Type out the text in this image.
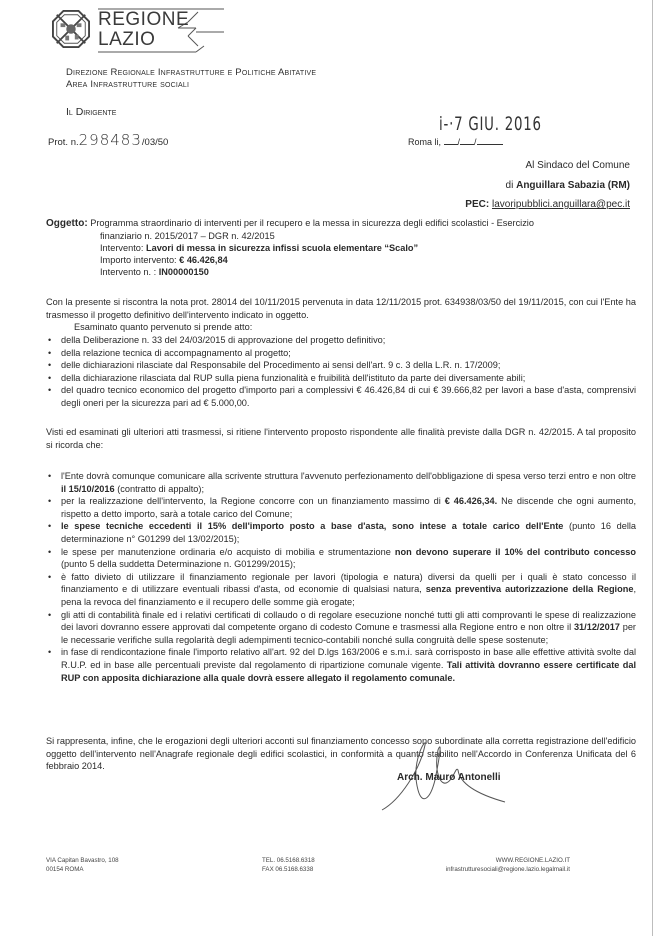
REGIONE
LAZIO
Direzione Regionale Infrastrutture e Politiche Abitative
Area Infrastrutture sociali
Il Dirigente
Prot. n.298483/03/50
i-·7 GIU. 2016
Roma li, / /
Al Sindaco del Comune
di Anguillara Sabazia (RM)
PEC: lavoripubblici.anguillara@pec.it
Oggetto: Programma straordinario di interventi per il recupero e la messa in sicurezza degli edifici scolastici - Esercizio
finanziario n. 2015/2017 – DGR n. 42/2015
Intervento: Lavori di messa in sicurezza infissi scuola elementare “Scalo”
Importo intervento: € 46.426,84
Intervento n. : IN00000150
Con la presente si riscontra la nota prot. 28014 del 10/11/2015 pervenuta in data 12/11/2015 prot. 634938/03/50 del 19/11/2015, con cui l'Ente ha trasmesso il progetto definitivo dell'intervento indicato in oggetto.
Esaminato quanto pervenuto si prende atto:
• della Deliberazione n. 33 del 24/03/2015 di approvazione del progetto definitivo;
• della relazione tecnica di accompagnamento al progetto;
• delle dichiarazioni rilasciate dal Responsabile del Procedimento ai sensi dell'art. 9 c. 3 della L.R. n. 17/2009;
• della dichiarazione rilasciata dal RUP sulla piena funzionalità e fruibilità dell'istituto da parte dei diversamente abili;
• del quadro tecnico economico del progetto d'importo pari a complessivi € 46.426,84 di cui € 39.666,82 per lavori a base d'asta, comprensivi degli oneri per la sicurezza pari ad € 5.000,00.
Visti ed esaminati gli ulteriori atti trasmessi, si ritiene l'intervento proposto rispondente alle finalità previste dalla DGR n. 42/2015. A tal proposito si ricorda che:
• l'Ente dovrà comunque comunicare alla scrivente struttura l'avvenuto perfezionamento dell'obbligazione di spesa verso terzi entro e non oltre il 15/10/2016 (contratto di appalto);
• per la realizzazione dell'intervento, la Regione concorre con un finanziamento massimo di € 46.426,34. Ne discende che ogni aumento, rispetto a detto importo, sarà a totale carico del Comune;
• le spese tecniche eccedenti il 15% dell'importo posto a base d'asta, sono intese a totale carico dell'Ente (punto 16 della determinazione n° G01299 del 13/02/2015);
• le spese per manutenzione ordinaria e/o acquisto di mobilia e strumentazione non devono superare il 10% del contributo concesso (punto 5 della suddetta Determinazione n. G01299/2015);
• è fatto divieto di utilizzare il finanziamento regionale per lavori (tipologia e natura) diversi da quelli per i quali è stato concesso il finanziamento e di utilizzare eventuali ribassi d'asta, od economie di qualsiasi natura, senza preventiva autorizzazione della Regione, pena la revoca del finanziamento e il recupero delle somme già erogate;
• gli atti di contabilità finale ed i relativi certificati di collaudo o di regolare esecuzione nonché tutti gli atti comprovanti le spese di realizzazione dei lavori dovranno essere approvati dal competente organo di codesto Comune e trasmessi alla Regione entro e non oltre il 31/12/2017 per le necessarie verifiche sulla regolarità degli adempimenti tecnico-contabili nonché sulla congruità delle spese sostenute;
• in fase di rendicontazione finale l'importo relativo all'art. 92 del D.lgs 163/2006 e s.m.i. sarà corrisposto in base alle effettive attività svolte dal R.U.P. ed in base alle percentuali previste dal regolamento di ripartizione comunale vigente. Tali attività dovranno essere certificate dal RUP con apposita dichiarazione alla quale dovrà essere allegato il regolamento comunale.
Si rappresenta, infine, che le erogazioni degli ulteriori acconti sul finanziamento concesso sono subordinate alla corretta registrazione dell'edificio oggetto dell'intervento nell'Anagrafe regionale degli edifici scolastici, in conformità a quanto stabilito nell'Accordo in Conferenza Unificata del 6 febbraio 2014.
Arch. Mauro Antonelli
VIA Capitan Bavastro, 108
00154 ROMA
TEL. 06.5168.6318
FAX 06.5168.6338
WWW.REGIONE.LAZIO.IT
infrastrutturesociali@regione.lazio.legalmail.it
